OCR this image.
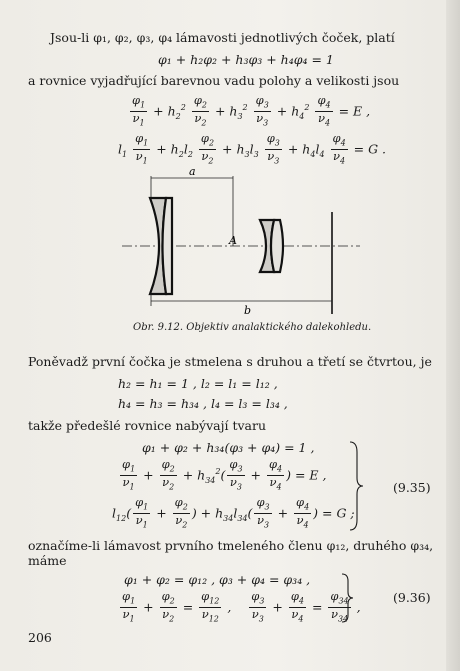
Jsou-li φ₁, φ₂, φ₃, φ₄ lámavosti jednotlivých čoček, platí
φ₁ + h₂φ₂ + h₃φ₃ + h₄φ₄ = 1
a rovnice vyjadřující barevnou vadu polohy a velikosti jsou
$\frac{\varphi_1}{\nu_1} + h_2^2 \frac{\varphi_2}{\nu_2} + h_3^2 \frac{\varphi_3}{\nu_3} + h_4^2 \frac{\varphi_4}{\nu_4} = E$ ,
$l_1 \frac{\varphi_1}{\nu_1} + h_2l_2 \frac{\varphi_2}{\nu_2} + h_3l_3 \frac{\varphi_3}{\nu_3} + h_4l_4 \frac{\varphi_4}{\nu_4} = G$ .
a
A
b
Obr. 9.12. Objektiv analaktického dalekohledu.
Poněvadž první čočka je stmelena s druhou a třetí se čtvrtou, je
h₂ = h₁ = 1 , l₂ = l₁ = l₁₂ ,
h₄ = h₃ = h₃₄ , l₄ = l₃ = l₃₄ ,
takže předešlé rovnice nabývají tvaru
φ₁ + φ₂ + h₃₄(φ₃ + φ₄) = 1 ,
$\frac{\varphi_1}{\nu_1} + \frac{\varphi_2}{\nu_2} + h_{34}^2( \frac{\varphi_3}{\nu_3} + \frac{\varphi_4}{\nu_4}$ ) = E ,
$l_{12}( \frac{\varphi_1}{\nu_1} + \frac{\varphi_2}{\nu_2}$ ) + $h_{34}l_{34}( \frac{\varphi_3}{\nu_3} + \frac{\varphi_4}{\nu_4}$ ) = G ;
(9.35)
označíme-li lámavost prvního tmeleného členu φ₁₂, druhého φ₃₄,
máme
φ₁ + φ₂ = φ₁₂ , φ₃ + φ₄ = φ₃₄ ,
$\frac{\varphi_1}{\nu_1} + \frac{\varphi_2}{\nu_2} = \frac{\varphi_{12}}{\nu_{12}}$ , $\frac{\varphi_3}{\nu_3} + \frac{\varphi_4}{\nu_4} = \frac{\varphi_{34}}{\nu_{34}}$ ,
(9.36)
206
